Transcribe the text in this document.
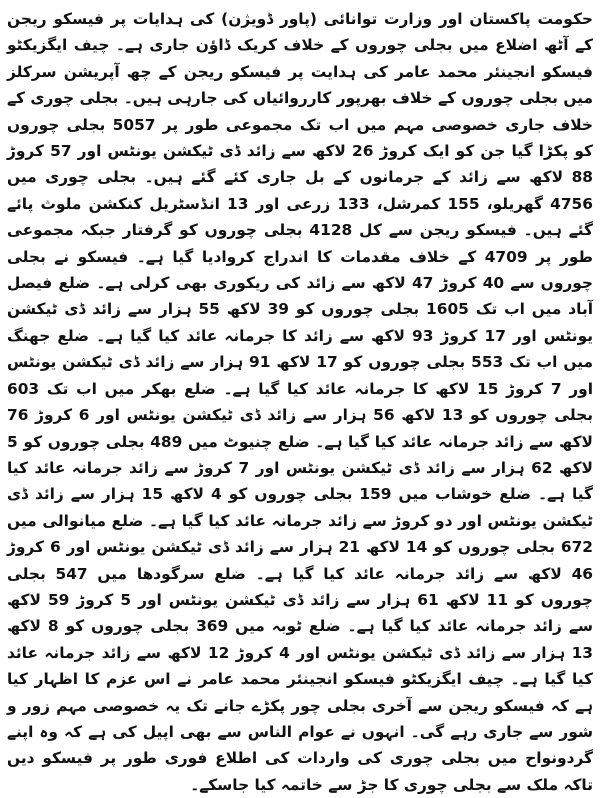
حکومت پاکستان اور وزارت توانائی (پاور ڈویژن) کی ہدایات پر فیسکو ریجن کے آٹھ اضلاع میں بجلی چوروں کے خلاف کریک ڈاؤن جاری ہے۔ چیف ایگزیکٹو فیسکو انجینئر محمد عامر کی ہدایت پر فیسکو ریجن کے چھ آپریشن سرکلز میں بجلی چوروں کے خلاف بھرپور کارروائیاں کی جارہی ہیں۔ بجلی چوری کے خلاف جاری خصوصی مہم میں اب تک مجموعی طور پر 5057 بجلی چوروں کو پکڑا گیا جن کو ایک کروڑ 26 لاکھ سے زائد ڈی ٹیکشن یونٹس اور 57 کروڑ 88 لاکھ سے زائد کے جرمانوں کے بل جاری کئے گئے ہیں۔ بجلی چوری میں 4756 گھریلو، 155 کمرشل، 133 زرعی اور 13 انڈسٹریل کنکشن ملوث پائے گئے ہیں۔ فیسکو ریجن سے کل 4128 بجلی چوروں کو گرفتار جبکہ مجموعی طور پر 4709 کے خلاف مقدمات کا اندراج کروادیا گیا ہے۔ فیسکو نے بجلی چوروں سے 40 کروڑ 47 لاکھ سے زائد کی ریکوری بھی کرلی ہے۔ ضلع فیصل آباد میں اب تک 1605 بجلی چوروں کو 39 لاکھ 55 ہزار سے زائد ڈی ٹیکشن یونٹس اور 17 کروڑ 93 لاکھ سے زائد کا جرمانہ عائد کیا گیا ہے۔ ضلع جھنگ میں اب تک 553 بجلی چوروں کو 17 لاکھ 91 ہزار سے زائد ڈی ٹیکشن یونٹس اور 7 کروڑ 15 لاکھ کا جرمانہ عائد کیا گیا ہے۔ ضلع بھکر میں اب تک 603 بجلی چوروں کو 13 لاکھ 56 ہزار سے زائد ڈی ٹیکشن یونٹس اور 6 کروڑ 76 لاکھ سے زائد جرمانہ عائد کیا گیا ہے۔ ضلع چنیوٹ میں 489 بجلی چوروں کو 5 لاکھ 62 ہزار سے زائد ڈی ٹیکشن یونٹس اور 7 کروڑ سے زائد جرمانہ عائد کیا گیا ہے۔ ضلع خوشاب میں 159 بجلی چوروں کو 4 لاکھ 15 ہزار سے زائد ڈی ٹیکشن یونٹس اور دو کروڑ سے زائد جرمانہ عائد کیا گیا ہے۔ ضلع میانوالی میں 672 بجلی چوروں کو 14 لاکھ 21 ہزار سے زائد ڈی ٹیکشن یونٹس اور 6 کروڑ 46 لاکھ سے زائد جرمانہ عائد کیا گیا ہے۔ ضلع سرگودھا میں 547 بجلی چوروں کو 11 لاکھ 61 ہزار سے زائد ڈی ٹیکشن یونٹس اور 5 کروڑ 59 لاکھ سے زائد جرمانہ عائد کیا گیا ہے۔ ضلع ٹوبہ میں 369 بجلی چوروں کو 8 لاکھ 13 ہزار سے زائد ڈی ٹیکشن یونٹس اور 4 کروڑ 12 لاکھ سے زائد جرمانہ عائد کیا گیا ہے۔ چیف ایگزیکٹو فیسکو انجینئر محمد عامر نے اس عزم کا اظہار کیا ہے کہ فیسکو ریجن سے آخری بجلی چور پکڑے جانے تک یہ خصوصی مہم زور و شور سے جاری رہے گی۔ انہوں نے عوام الناس سے بھی اپیل کی ہے کہ وہ اپنے گردونواح میں بجلی چوری کی واردات کی اطلاع فوری طور پر فیسکو دیں تاکہ ملک سے بجلی چوری کا جڑ سے خاتمہ کیا جاسکے۔
